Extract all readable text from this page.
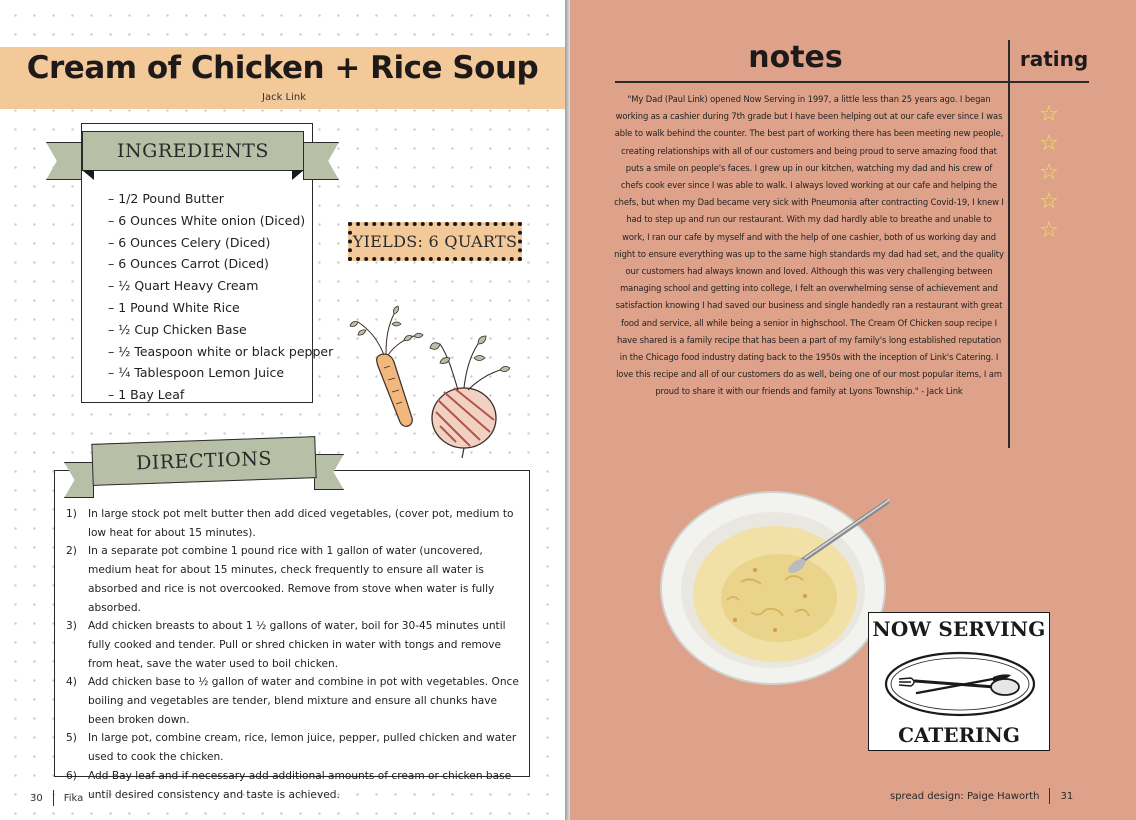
Cream of Chicken + Rice Soup
Jack Link
INGREDIENTS
– 1/2 Pound Butter
– 6 Ounces White onion (Diced)
– 6 Ounces Celery (Diced)
– 6 Ounces Carrot (Diced)
– ½ Quart Heavy Cream
– 1 Pound White Rice
– ½ Cup Chicken Base
– ½ Teaspoon white or black pepper
– ¼ Tablespoon Lemon Juice
– 1 Bay Leaf
YIELDS: 6 QUARTS
DIRECTIONS
1) In large stock pot melt butter then add diced vegetables, (cover pot, medium to low heat for about 15 minutes).
2) In a separate pot combine 1 pound rice with 1 gallon of water (uncovered, medium heat for about 15 minutes, check frequently to ensure all water is absorbed and rice is not overcooked. Remove from stove when water is fully absorbed.
3) Add chicken breasts to about 1 ½ gallons of water, boil for 30-45 minutes until fully cooked and tender. Pull or shred chicken in water with tongs and remove from heat, save the water used to boil chicken.
4) Add chicken base to ½ gallon of water and combine in pot with vegetables. Once boiling and vegetables are tender, blend mixture and ensure all chunks have been broken down.
5) In large pot, combine cream, rice, lemon juice, pepper, pulled chicken and water used to cook the chicken.
6) Add Bay leaf and if necessary add additional amounts of cream or chicken base until desired consistency and taste is achieved.
30 Fika
notes	rating

"My Dad (Paul Link) opened Now Serving in 1997, a little less than 25 years ago. I began working as a cashier during 7th grade but I have been helping out at our cafe ever since I was able to walk behind the counter. The best part of working there has been meeting new people, creating relationships with all of our customers and being proud to serve amazing food that puts a smile on people's faces. I grew up in our kitchen, watching my dad and his crew of chefs cook ever since I was able to walk. I always loved working at our cafe and helping the chefs, but when my Dad became very sick with Pneumonia after contracting Covid-19, I knew I had to step up and run our restaurant. With my dad hardly able to breathe and unable to work, I ran our cafe by myself and with the help of one cashier, both of us working day and night to ensure everything was up to the same high standards my dad had set, and the quality our customers had always known and loved. Although this was very challenging between managing school and getting into college, I felt an overwhelming sense of achievement and satisfaction knowing I had saved our business and single handedly ran a restaurant with great food and service, all while being a senior in highschool. The Cream Of Chicken soup recipe I have shared is a family recipe that has been a part of my family's long established reputation in the Chicago food industry dating back to the 1950s with the inception of Link's Catering. I love this recipe and all of our customers do as well, being one of our most popular items, I am proud to share it with our friends and family at Lyons Township." - Jack Link

☆
☆
☆
☆
☆
NOW SERVING
CATERING
spread design: Paige Haworth 31
